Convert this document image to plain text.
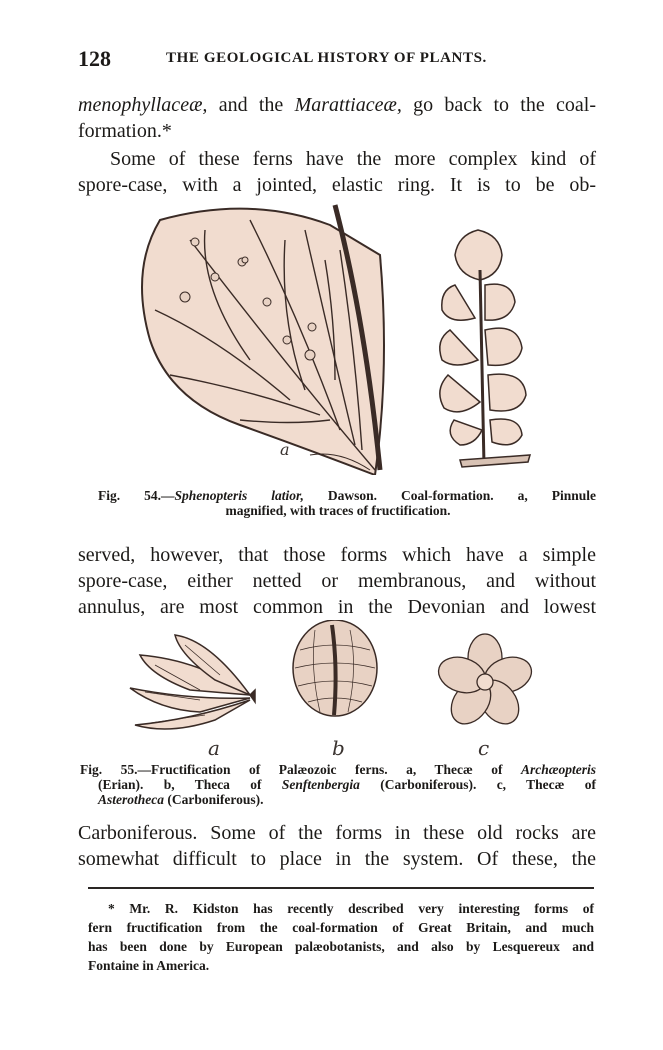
128	THE GEOLOGICAL HISTORY OF PLANTS.
menophyllaceæ, and the Marattiaceæ, go back to the coal-
formation.*
Some of these ferns have the more complex kind of
spore-case, with a jointed, elastic ring. It is to be ob-
a
Fig. 54.—Sphenopteris latior, Dawson. Coal-formation. a, Pinnule
magnified, with traces of fructification.
served, however, that those forms which have a simple
spore-case, either netted or membranous, and without
annulus, are most common in the Devonian and lowest
a	b	c
Fig. 55.—Fructification of Palæozoic ferns. a, Thecæ of Archæopteris
(Erian). b, Theca of Senftenbergia (Carboniferous). c, Thecæ of
Asterotheca (Carboniferous).
Carboniferous. Some of the forms in these old rocks are
somewhat difficult to place in the system. Of these, the
* Mr. R. Kidston has recently described very interesting forms of
fern fructification from the coal-formation of Great Britain, and much
has been done by European palæobotanists, and also by Lesquereux and
Fontaine in America.
